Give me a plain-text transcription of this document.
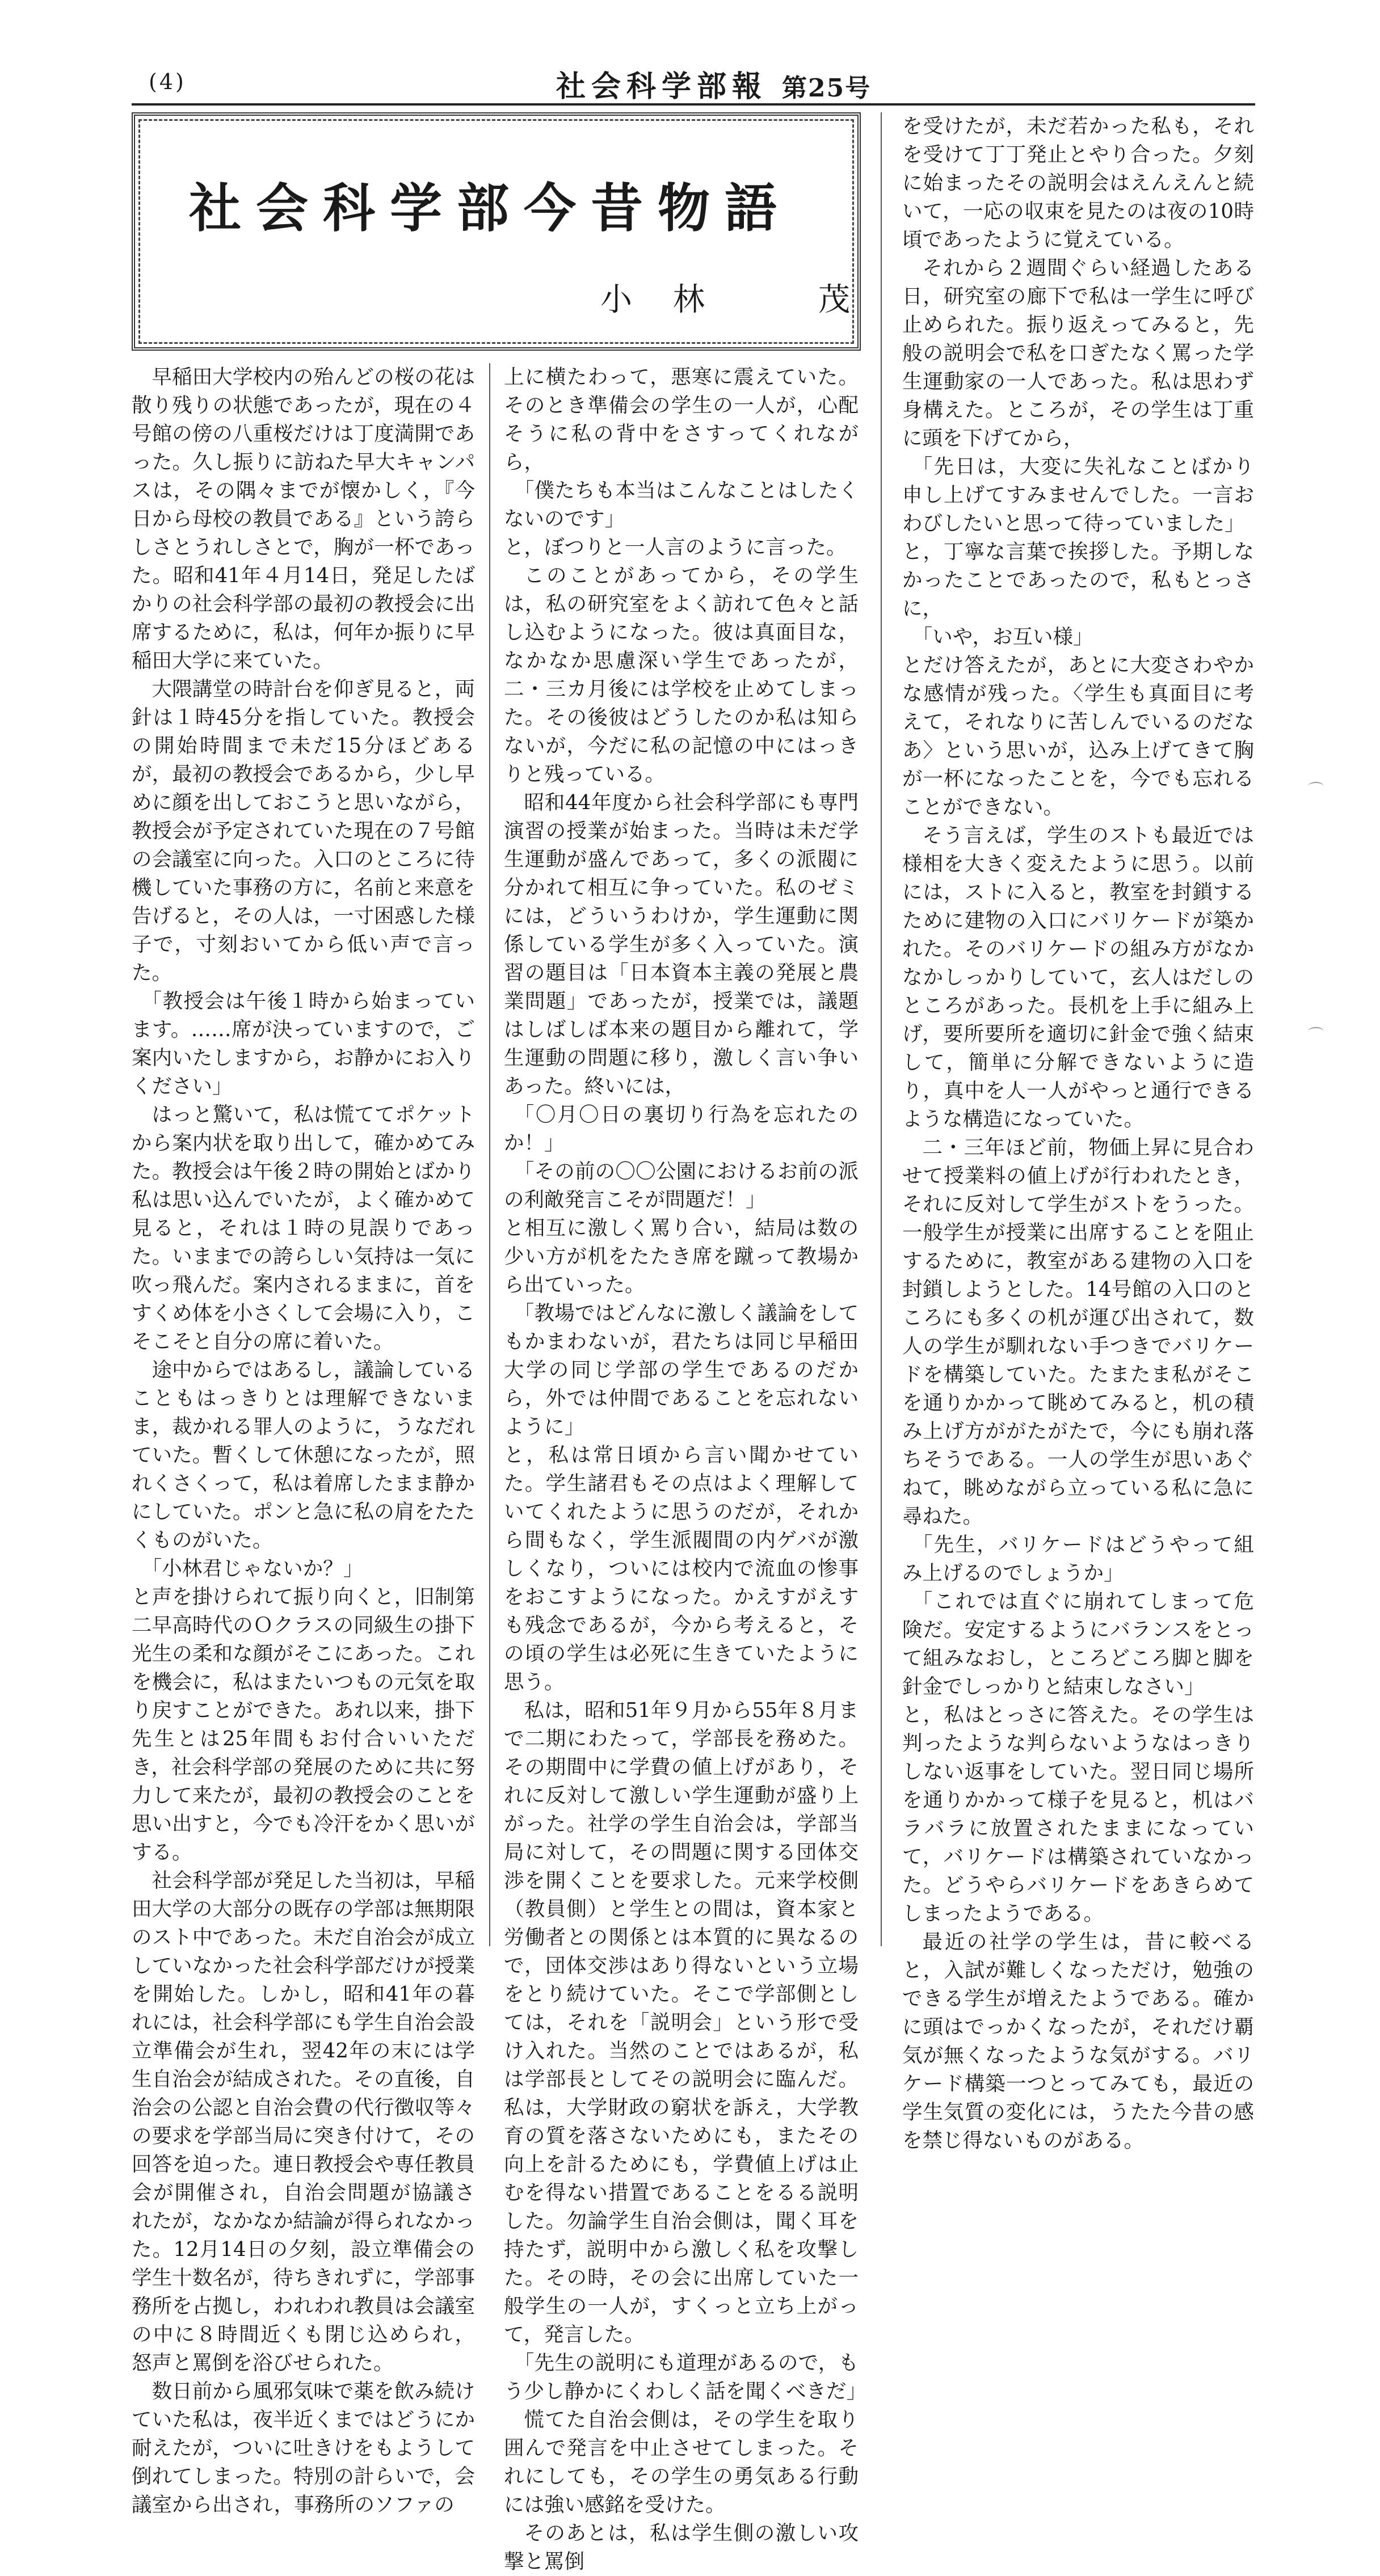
(4)	社会科学部報 第25号
社会科学部今昔物語
小林　茂

早稲田大学校内の殆んどの桜の花は散り残りの状態であったが，現在の４号館の傍の八重桜だけは丁度満開であった。久し振りに訪ねた早大キャンパスは，その隅々までが懐かしく，『今日から母校の教員である』という誇らしさとうれしさとで，胸が一杯であった。昭和41年４月14日，発足したばかりの社会科学部の最初の教授会に出席するために，私は，何年か振りに早稲田大学に来ていた。

大隈講堂の時計台を仰ぎ見ると，両針は１時45分を指していた。教授会の開始時間まで未だ15分ほどあるが，最初の教授会であるから，少し早めに顔を出しておこうと思いながら，教授会が予定されていた現在の７号館の会議室に向った。入口のところに待機していた事務の方に，名前と来意を告げると，その人は，一寸困惑した様子で，寸刻おいてから低い声で言った。

「教授会は午後１時から始まっています。……席が決っていますので，ご案内いたしますから，お静かにお入りください」

はっと驚いて，私は慌ててポケットから案内状を取り出して，確かめてみた。教授会は午後２時の開始とばかり私は思い込んでいたが，よく確かめて見ると，それは１時の見誤りであった。いままでの誇らしい気持は一気に吹っ飛んだ。案内されるままに，首をすくめ体を小さくして会場に入り，こそこそと自分の席に着いた。

途中からではあるし，議論していることもはっきりとは理解できないまま，裁かれる罪人のように，うなだれていた。暫くして休憩になったが，照れくさくって，私は着席したまま静かにしていた。ポンと急に私の肩をたたくものがいた。

「小林君じゃないか？」

と声を掛けられて振り向くと，旧制第二早高時代のＯクラスの同級生の掛下光生の柔和な顔がそこにあった。これを機会に，私はまたいつもの元気を取り戻すことができた。あれ以来，掛下先生とは25年間もお付合いいただき，社会科学部の発展のために共に努力して来たが，最初の教授会のことを思い出すと，今でも冷汗をかく思いがする。

社会科学部が発足した当初は，早稲田大学の大部分の既存の学部は無期限のスト中であった。未だ自治会が成立していなかった社会科学部だけが授業を開始した。しかし，昭和41年の暮れには，社会科学部にも学生自治会設立準備会が生れ，翌42年の末には学生自治会が結成された。その直後，自治会の公認と自治会費の代行徴収等々の要求を学部当局に突き付けて，その回答を迫った。連日教授会や専任教員会が開催され，自治会問題が協議されたが，なかなか結論が得られなかった。12月14日の夕刻，設立準備会の学生十数名が，待ちきれずに，学部事務所を占拠し，われわれ教員は会議室の中に８時間近くも閉じ込められ，怒声と罵倒を浴びせられた。

数日前から風邪気味で薬を飲み続けていた私は，夜半近くまではどうにか耐えたが，ついに吐きけをもようして倒れてしまった。特別の計らいで，会議室から出され，事務所のソファの

上に横たわって，悪寒に震えていた。そのとき準備会の学生の一人が，心配そうに私の背中をさすってくれながら，

「僕たちも本当はこんなことはしたくないのです」

と，ぼつりと一人言のように言った。

このことがあってから，その学生は，私の研究室をよく訪れて色々と話し込むようになった。彼は真面目な，なかなか思慮深い学生であったが，二・三カ月後には学校を止めてしまった。その後彼はどうしたのか私は知らないが，今だに私の記憶の中にはっきりと残っている。

昭和44年度から社会科学部にも専門演習の授業が始まった。当時は未だ学生運動が盛んであって，多くの派閥に分かれて相互に争っていた。私のゼミには，どういうわけか，学生運動に関係している学生が多く入っていた。演習の題目は「日本資本主義の発展と農業問題」であったが，授業では，議題はしばしば本来の題目から離れて，学生運動の問題に移り，激しく言い争いあった。終いには，

「〇月〇日の裏切り行為を忘れたのか！」

「その前の〇〇公園におけるお前の派の利敵発言こそが問題だ！」

と相互に激しく罵り合い，結局は数の少い方が机をたたき席を蹴って教場から出ていった。

「教場ではどんなに激しく議論をしてもかまわないが，君たちは同じ早稲田大学の同じ学部の学生であるのだから，外では仲間であることを忘れないように」

と，私は常日頃から言い聞かせていた。学生諸君もその点はよく理解していてくれたように思うのだが，それから間もなく，学生派閥間の内ゲバが激しくなり，ついには校内で流血の惨事をおこすようになった。かえすがえすも残念であるが，今から考えると，その頃の学生は必死に生きていたように思う。

私は，昭和51年９月から55年８月まで二期にわたって，学部長を務めた。その期間中に学費の値上げがあり，それに反対して激しい学生運動が盛り上がった。社学の学生自治会は，学部当局に対して，その問題に関する団体交渉を開くことを要求した。元来学校側（教員側）と学生との間は，資本家と労働者との関係とは本質的に異なるので，団体交渉はあり得ないという立場をとり続けていた。そこで学部側としては，それを「説明会」という形で受け入れた。当然のことではあるが，私は学部長としてその説明会に臨んだ。私は，大学財政の窮状を訴え，大学教育の質を落さないためにも，またその向上を計るためにも，学費値上げは止むを得ない措置であることをるる説明した。勿論学生自治会側は，聞く耳を持たず，説明中から激しく私を攻撃した。その時，その会に出席していた一般学生の一人が，すくっと立ち上がって，発言した。

「先生の説明にも道理があるので，もう少し静かにくわしく話を聞くべきだ」

慌てた自治会側は，その学生を取り囲んで発言を中止させてしまった。それにしても，その学生の勇気ある行動には強い感銘を受けた。

そのあとは，私は学生側の激しい攻撃と罵倒

を受けたが，未だ若かった私も，それを受けて丁丁発止とやり合った。夕刻に始まったその説明会はえんえんと続いて，一応の収束を見たのは夜の10時頃であったように覚えている。

それから２週間ぐらい経過したある日，研究室の廊下で私は一学生に呼び止められた。振り返えってみると，先般の説明会で私を口ぎたなく罵った学生運動家の一人であった。私は思わず身構えた。ところが，その学生は丁重に頭を下げてから，

「先日は，大変に失礼なことばかり申し上げてすみませんでした。一言おわびしたいと思って待っていました」

と，丁寧な言葉で挨拶した。予期しなかったことであったので，私もとっさに，

「いや，お互い様」

とだけ答えたが，あとに大変さわやかな感情が残った。〈学生も真面目に考えて，それなりに苦しんでいるのだなあ〉という思いが，込み上げてきて胸が一杯になったことを，今でも忘れることができない。

そう言えば，学生のストも最近では様相を大きく変えたように思う。以前には，ストに入ると，教室を封鎖するために建物の入口にバリケードが築かれた。そのバリケードの組み方がなかなかしっかりしていて，玄人はだしのところがあった。長机を上手に組み上げ，要所要所を適切に針金で強く結束して，簡単に分解できないように造り，真中を人一人がやっと通行できるような構造になっていた。

二・三年ほど前，物価上昇に見合わせて授業料の値上げが行われたとき，それに反対して学生がストをうった。一般学生が授業に出席することを阻止するために，教室がある建物の入口を封鎖しようとした。14号館の入口のところにも多くの机が運び出されて，数人の学生が馴れない手つきでバリケードを構築していた。たまたま私がそこを通りかかって眺めてみると，机の積み上げ方ががたがたで，今にも崩れ落ちそうである。一人の学生が思いあぐねて，眺めながら立っている私に急に尋ねた。

「先生，バリケードはどうやって組み上げるのでしょうか」

「これでは直ぐに崩れてしまって危険だ。安定するようにバランスをとって組みなおし，ところどころ脚と脚を針金でしっかりと結束しなさい」

と，私はとっさに答えた。その学生は判ったような判らないようなはっきりしない返事をしていた。翌日同じ場所を通りかかって様子を見ると，机はバラバラに放置されたままになっていて，バリケードは構築されていなかった。どうやらバリケードをあきらめてしまったようである。

最近の社学の学生は，昔に較べると，入試が難しくなっただけ，勉強のできる学生が増えたようである。確かに頭はでっかくなったが，それだけ覇気が無くなったような気がする。バリケード構築一つとってみても，最近の学生気質の変化には，うたた今昔の感を禁じ得ないものがある。
